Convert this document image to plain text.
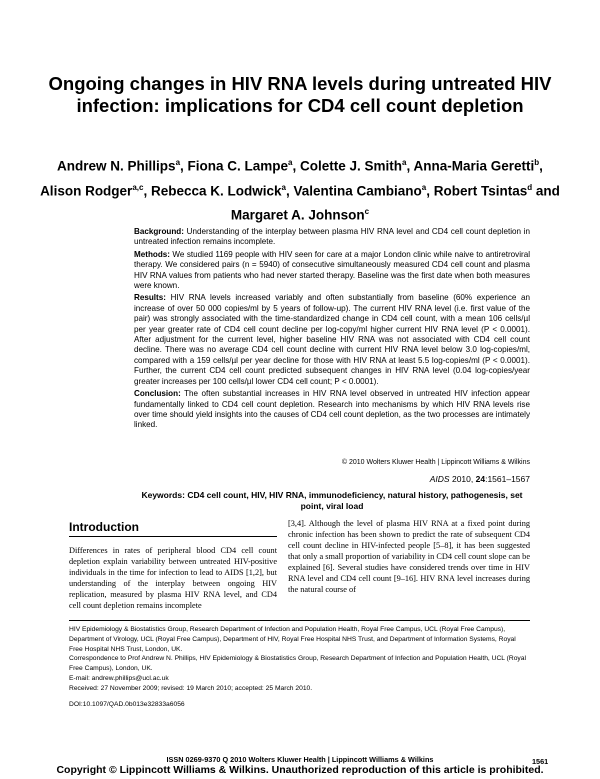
Ongoing changes in HIV RNA levels during untreated HIV infection: implications for CD4 cell count depletion
Andrew N. Phillips$^a$, Fiona C. Lampe$^a$, Colette J. Smith$^a$, Anna-Maria Geretti$^b$, Alison Rodger$^{a,c}$, Rebecca K. Lodwick$^a$, Valentina Cambiano$^a$, Robert Tsintas$^d$ and Margaret A. Johnson$^c$

Background: Understanding of the interplay between plasma HIV RNA level and CD4 cell count depletion in untreated infection remains incomplete.

Methods: We studied 1169 people with HIV seen for care at a major London clinic while naive to antiretroviral therapy. We considered pairs (n = 5940) of consecutive simultaneously measured CD4 cell count and plasma HIV RNA values from patients who had never started therapy. Baseline was the first date when both measures were known.

Results: HIV RNA levels increased variably and often substantially from baseline (60% experience an increase of over 50 000 copies/ml by 5 years of follow-up). The current HIV RNA level (i.e. first value of the pair) was strongly associated with the time-standardized change in CD4 cell count, with a mean 106 cells/µl per year greater rate of CD4 cell count decline per log-copy/ml higher current HIV RNA level (P < 0.0001). After adjustment for the current level, higher baseline HIV RNA was not associated with CD4 cell count decline. There was no average CD4 cell count decline with current HIV RNA level below 3.0 log-copies/ml, compared with a 159 cells/µl per year decline for those with HIV RNA at least 5.5 log-copies/ml (P < 0.0001). Further, the current CD4 cell count predicted subsequent changes in HIV RNA level (0.04 log-copies/year greater increases per 100 cells/µl lower CD4 cell count; P < 0.0001).

Conclusion: The often substantial increases in HIV RNA level observed in untreated HIV infection appear fundamentally linked to CD4 cell count depletion. Research into mechanisms by which HIV RNA levels rise over time should yield insights into the causes of CD4 cell count depletion, as the two processes are intimately linked.

© 2010 Wolters Kluwer Health | Lippincott Williams & Wilkins
AIDS 2010, 24:1561–1567
Keywords: CD4 cell count, HIV, HIV RNA, immunodeficiency, natural history, pathogenesis, set point, viral load
Introduction
Differences in rates of peripheral blood CD4 cell count depletion explain variability between untreated HIV-positive individuals in the time for infection to lead to AIDS [1,2], but understanding of the interplay between ongoing HIV replication, measured by plasma HIV RNA level, and CD4 cell count depletion remains incomplete
[3,4]. Although the level of plasma HIV RNA at a fixed point during chronic infection has been shown to predict the rate of subsequent CD4 cell count decline in HIV-infected people [5–8], it has been suggested that only a small proportion of variability in CD4 cell count slope can be explained [6]. Several studies have considered trends over time in HIV RNA level and CD4 cell count [9–16]. HIV RNA level increases during the natural course of

HIV Epidemiology & Biostatistics Group, Research Department of Infection and Population Health, Royal Free Campus, UCL (Royal Free Campus), Department of Virology, UCL (Royal Free Campus), Department of HIV, Royal Free Hospital NHS Trust, and Department of Information Systems, Royal Free Hospital NHS Trust, London, UK.

Correspondence to Prof Andrew N. Phillips, HIV Epidemiology & Biostatistics Group, Research Department of Infection and Population Health, UCL (Royal Free Campus), London, UK.

E-mail: andrew.phillips@ucl.ac.uk

Received: 27 November 2009; revised: 19 March 2010; accepted: 25 March 2010.

DOI:10.1097/QAD.0b013e32833a6056
ISSN 0269-9370 Q 2010 Wolters Kluwer Health | Lippincott Williams & Wilkins	1561
Copyright © Lippincott Williams & Wilkins. Unauthorized reproduction of this article is prohibited.
